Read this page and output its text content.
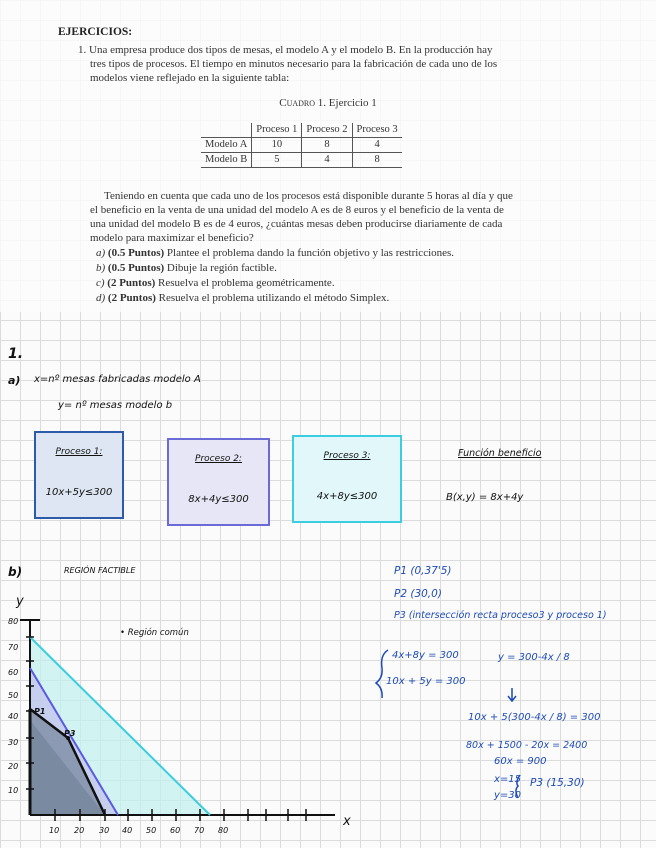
EJERCICIOS:
1. Una empresa produce dos tipos de mesas, el modelo A y el modelo B. En la producción hay
tres tipos de procesos. El tiempo en minutos necesario para la fabricación de cada uno de los
modelos viene reflejado en la siguiente tabla:
Cuadro 1. Ejercicio 1
	Proceso 1	Proceso 2	Proceso 3
Modelo A	10	8	4
Modelo B	5	4	8
Teniendo en cuenta que cada uno de los procesos está disponible durante 5 horas al día y que
el beneficio en la venta de una unidad del modelo A es de 8 euros y el beneficio de la venta de
una unidad del modelo B es de 4 euros, ¿cuántas mesas deben producirse diariamente de cada
modelo para maximizar el beneficio?
a) (0.5 Puntos) Plantee el problema dando la función objetivo y las restricciones.
b) (0.5 Puntos) Dibuje la región factible.
c) (2 Puntos) Resuelva el problema geométricamente.
d) (2 Puntos) Resuelva el problema utilizando el método Simplex.
1.
a) x=nº mesas fabricadas modelo A
y= nº mesas modelo b
Proceso 1:
10x+5y≤300
Proceso 2:
8x+4y≤300
Proceso 3:
4x+8y≤300
Función beneficio
B(x,y) = 8x+4y
b)	REGIÓN FACTIBLE
• Región común
y
x
80
70
60
50
40
30
20
10
10 20 30 40 50 60 70 80
P1
P3
P1 (0,37'5)
P2 (30,0)
P3 (intersección recta proceso3 y proceso 1)
4x+8y = 300
10x + 5y = 300
y = 300-4x / 8
10x + 5(300-4x / 8) = 300
80x + 1500 - 20x = 2400
60x = 900
x=15
y=30
P3 (15,30)
